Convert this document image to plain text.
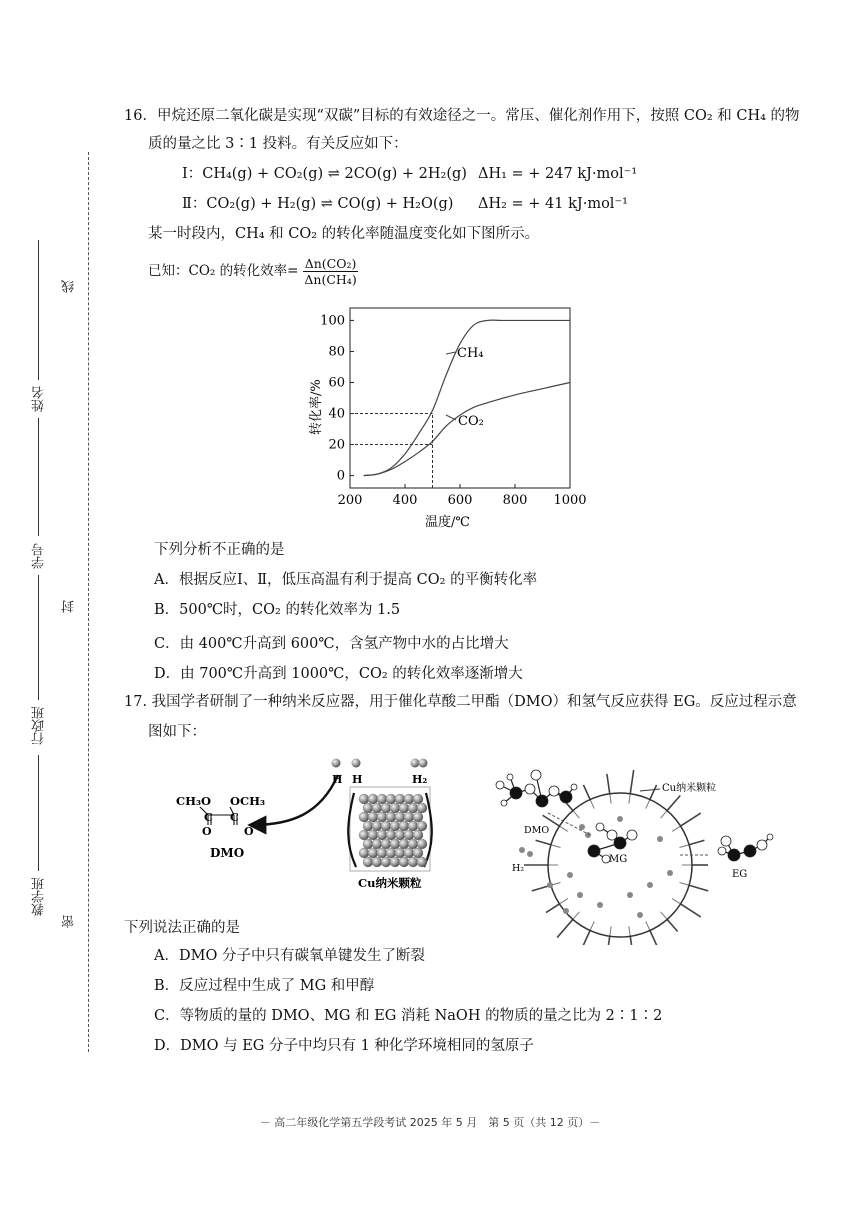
线
封
密
姓名
学号
行政班
教学班
16．甲烷还原二氧化碳是实现“双碳”目标的有效途径之一。常压、催化剂作用下，按照 CO₂ 和 CH₄ 的物
质的量之比 3∶1 投料。有关反应如下：
Ⅰ：CH₄(g) + CO₂(g) ⇌ 2CO(g) + 2H₂(g) ΔH₁ = + 247 kJ·mol⁻¹
Ⅱ：CO₂(g) + H₂(g) ⇌ CO(g) + H₂O(g) ΔH₂ = + 41 kJ·mol⁻¹
某一时段内，CH₄ 和 CO₂ 的转化率随温度变化如下图所示。
已知：CO₂ 的转化效率= $\frac{\text{Δn(CO₂)}}{\text{Δn(CH₄)}}$
200 400 600 800 1000
0
20
40
60
80
100
CH₄
CO₂
温度/℃
转化率/%
下列分析不正确的是
A．根据反应Ⅰ、Ⅱ，低压高温有利于提高 CO₂ 的平衡转化率
B．500℃时，CO₂ 的转化效率为 1.5
C．由 400℃升高到 600℃，含氢产物中水的占比增大
D．由 700℃升高到 1000℃，CO₂ 的转化效率逐渐增大
17. 我国学者研制了一种纳米反应器，用于催化草酸二甲酯（DMO）和氢气反应获得 EG。反应过程示意
图如下：
CH₃O OCH₃
C C
O	O
DMO
H H	H₂
Cu纳米颗粒
Cu纳米颗粒
DMO
H₂
MG
EG
下列说法正确的是
A．DMO 分子中只有碳氧单键发生了断裂
B．反应过程中生成了 MG 和甲醇
C．等物质的量的 DMO、MG 和 EG 消耗 NaOH 的物质的量之比为 2∶1∶2
D．DMO 与 EG 分子中均只有 1 种化学环境相同的氢原子
－ 高二年级化学第五学段考试 2025 年 5 月　第 5 页（共 12 页）－
